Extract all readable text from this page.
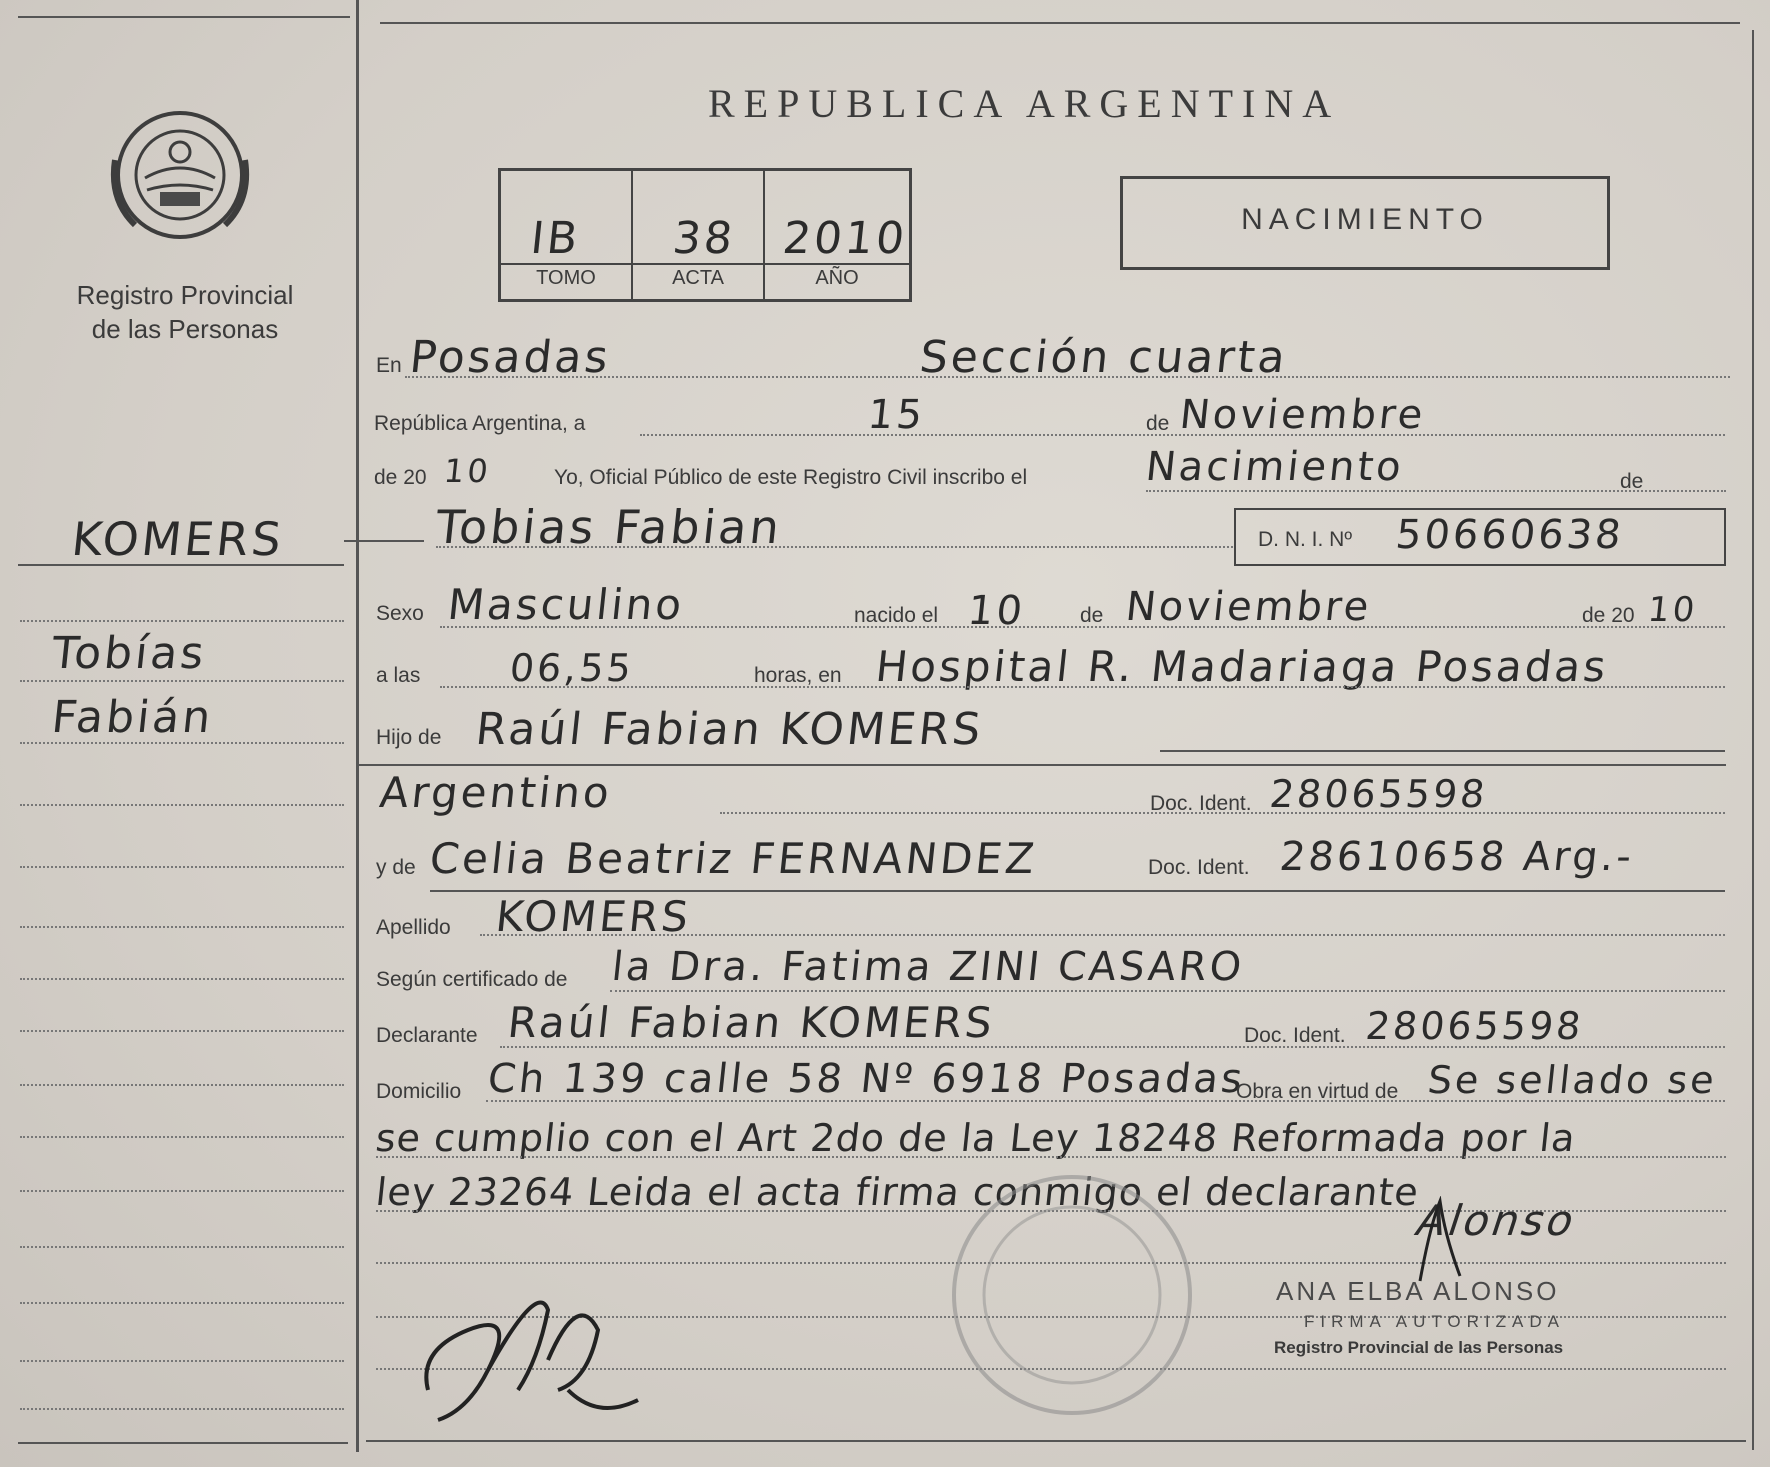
Registro Provincial
de las Personas
REPUBLICA ARGENTINA
IB 38 2010
TOMO	ACTA	AÑO
NACIMIENTO
KOMERS
Tobías
Fabián
En Posadas	Sección cuarta
República Argentina, a	15	de Noviembre
de 20 10	Yo, Oficial Público de este Registro Civil inscribo el	Nacimiento	de
Tobias Fabian	D. N. I. Nº 50660638
Sexo Masculino	nacido el 10	de Noviembre	de 20 10
a las 06,55	horas, en Hospital R. Madariaga Posadas
Hijo de Raúl Fabian KOMERS
Argentino	Doc. Ident. 28065598
y de Celia Beatriz FERNANDEZ	Doc. Ident. 28610658 Arg.-
Apellido KOMERS
Según certificado de la Dra. Fatima ZINI CASARO
Declarante Raúl Fabian KOMERS	Doc. Ident. 28065598
Domicilio Ch 139 calle 58 Nº 6918 Posadas
Obra en virtud de Se sellado se
se cumplio con el Art 2do de la Ley 18248 Reformada por la
ley 23264 Leida el acta firma conmigo el declarante
Alonso
ANA ELBA ALONSO
FIRMA AUTORIZADA
Registro Provincial de las Personas
